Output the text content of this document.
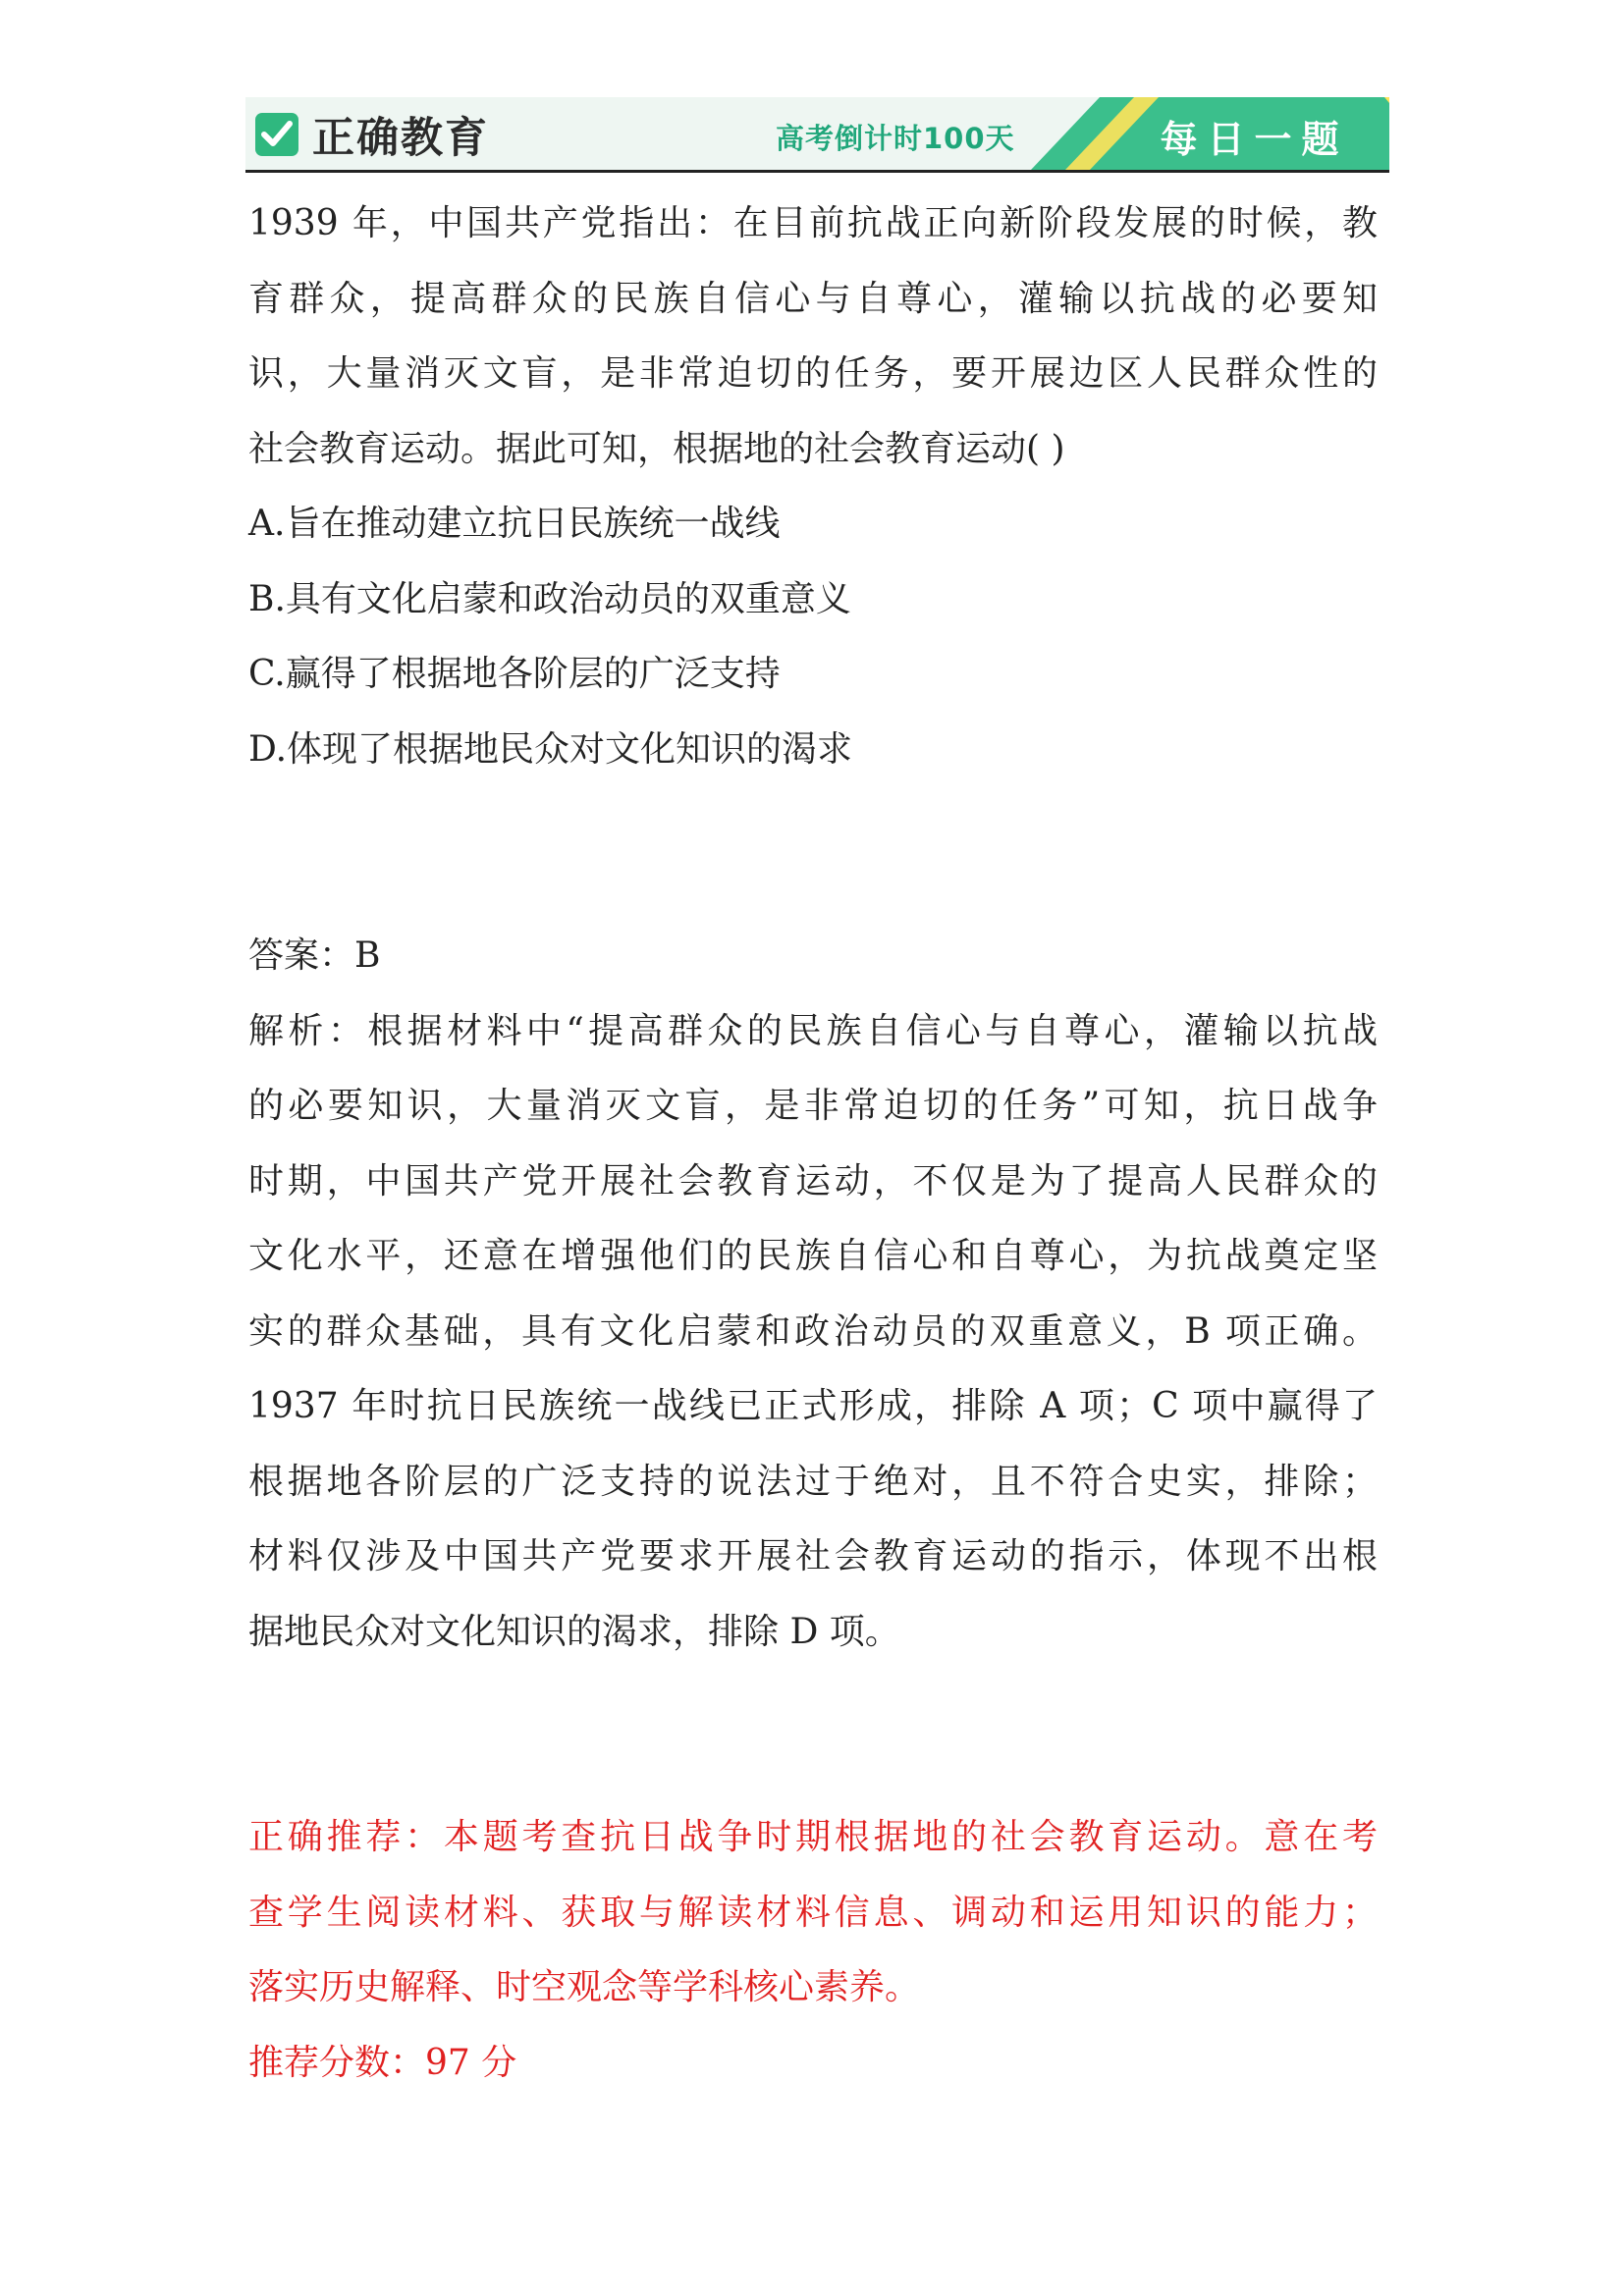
正确教育	高考倒计时100天	每日一题
1939 年，中国共产党指出：在目前抗战正向新阶段发展的时候，教
育群众，提高群众的民族自信心与自尊心，灌输以抗战的必要知
识，大量消灭文盲，是非常迫切的任务，要开展边区人民群众性的
社会教育运动。据此可知，根据地的社会教育运动( )
A.旨在推动建立抗日民族统一战线
B.具有文化启蒙和政治动员的双重意义
C.赢得了根据地各阶层的广泛支持
D.体现了根据地民众对文化知识的渴求
答案：B
解析：根据材料中“提高群众的民族自信心与自尊心，灌输以抗战
的必要知识，大量消灭文盲，是非常迫切的任务”可知，抗日战争
时期，中国共产党开展社会教育运动，不仅是为了提高人民群众的
文化水平，还意在增强他们的民族自信心和自尊心，为抗战奠定坚
实的群众基础，具有文化启蒙和政治动员的双重意义，B 项正确。
1937 年时抗日民族统一战线已正式形成，排除 A 项；C 项中赢得了
根据地各阶层的广泛支持的说法过于绝对，且不符合史实，排除；
材料仅涉及中国共产党要求开展社会教育运动的指示，体现不出根
据地民众对文化知识的渴求，排除 D 项。
正确推荐：本题考查抗日战争时期根据地的社会教育运动。意在考
查学生阅读材料、获取与解读材料信息、调动和运用知识的能力；
落实历史解释、时空观念等学科核心素养。
推荐分数：97 分
